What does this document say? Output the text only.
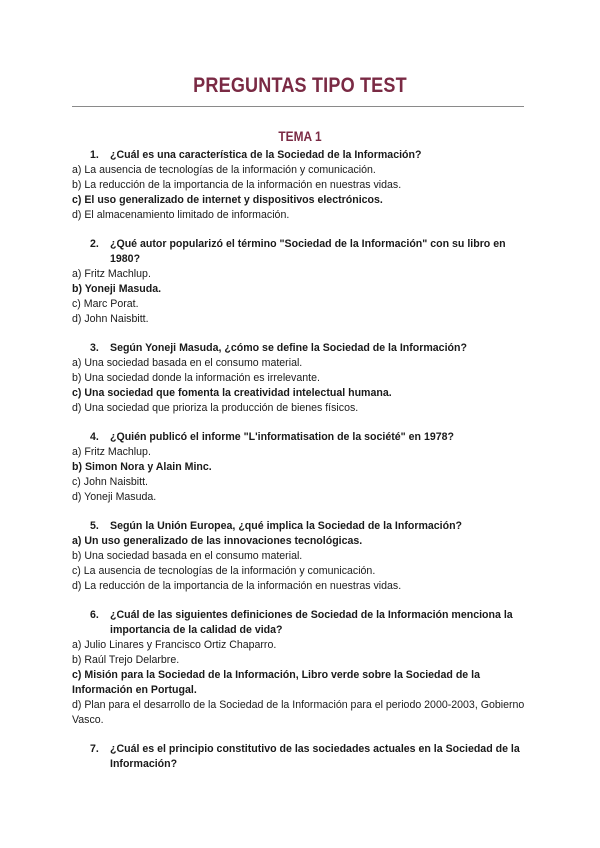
PREGUNTAS TIPO TEST
TEMA 1
1.	¿Cuál es una característica de la Sociedad de la Información?
a) La ausencia de tecnologías de la información y comunicación.
b) La reducción de la importancia de la información en nuestras vidas.
c) El uso generalizado de internet y dispositivos electrónicos.
d) El almacenamiento limitado de información.
2.	¿Qué autor popularizó el término "Sociedad de la Información" con su libro en 1980?
a) Fritz Machlup.
b) Yoneji Masuda.
c) Marc Porat.
d) John Naisbitt.
3.	Según Yoneji Masuda, ¿cómo se define la Sociedad de la Información?
a) Una sociedad basada en el consumo material.
b) Una sociedad donde la información es irrelevante.
c) Una sociedad que fomenta la creatividad intelectual humana.
d) Una sociedad que prioriza la producción de bienes físicos.
4.	¿Quién publicó el informe "L'informatisation de la société" en 1978?
a) Fritz Machlup.
b) Simon Nora y Alain Minc.
c) John Naisbitt.
d) Yoneji Masuda.
5.	Según la Unión Europea, ¿qué implica la Sociedad de la Información?
a) Un uso generalizado de las innovaciones tecnológicas.
b) Una sociedad basada en el consumo material.
c) La ausencia de tecnologías de la información y comunicación.
d) La reducción de la importancia de la información en nuestras vidas.
6.	¿Cuál de las siguientes definiciones de Sociedad de la Información menciona la importancia de la calidad de vida?
a) Julio Linares y Francisco Ortiz Chaparro.
b) Raúl Trejo Delarbre.
c) Misión para la Sociedad de la Información, Libro verde sobre la Sociedad de la Información en Portugal.
d) Plan para el desarrollo de la Sociedad de la Información para el periodo 2000-2003, Gobierno Vasco.
7.	¿Cuál es el principio constitutivo de las sociedades actuales en la Sociedad de la Información?
